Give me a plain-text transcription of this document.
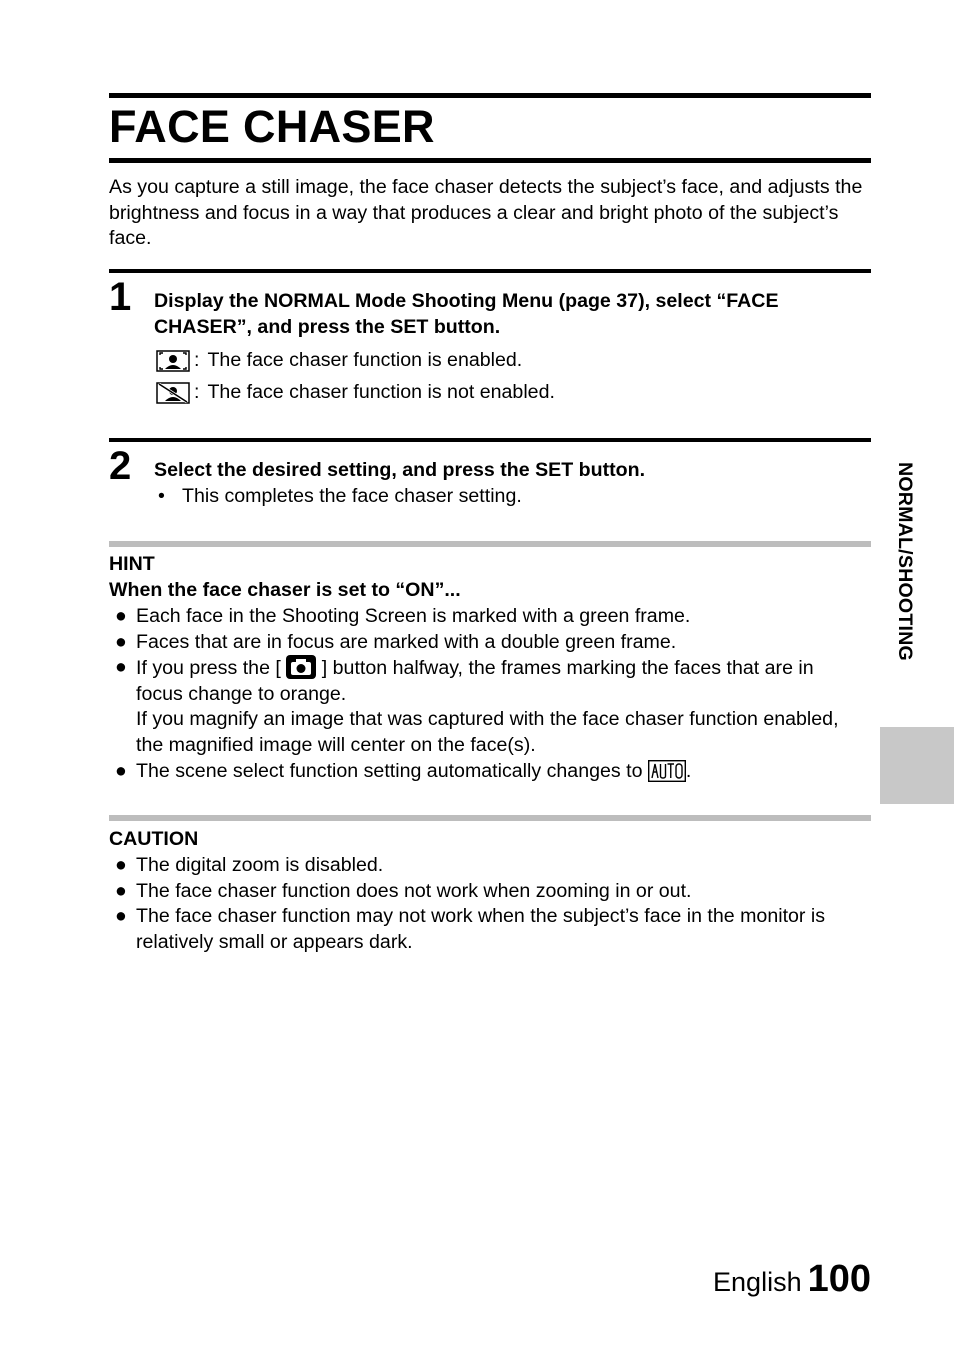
FACE CHASER
As you capture a still image, the face chaser detects the subject’s face, and adjusts the brightness and focus in a way that produces a clear and bright photo of the subject’s face.
1 Display the NORMAL Mode Shooting Menu (page 37), select “FACE CHASER”, and press the SET button.
: The face chaser function is enabled.
: The face chaser function is not enabled.
2 Select the desired setting, and press the SET button.
• This completes the face chaser setting.
HINT
When the face chaser is set to “ON”...
● Each face in the Shooting Screen is marked with a green frame.
● Faces that are in focus are marked with a double green frame.
● If you press the [ ] button halfway, the frames marking the faces that are in focus change to orange.
If you magnify an image that was captured with the face chaser function enabled, the magnified image will center on the face(s).
● The scene select function setting automatically changes to .
CAUTION
● The digital zoom is disabled.
● The face chaser function does not work when zooming in or out.
● The face chaser function may not work when the subject’s face in the monitor is relatively small or appears dark.
NORMAL/SHOOTING
English 100
